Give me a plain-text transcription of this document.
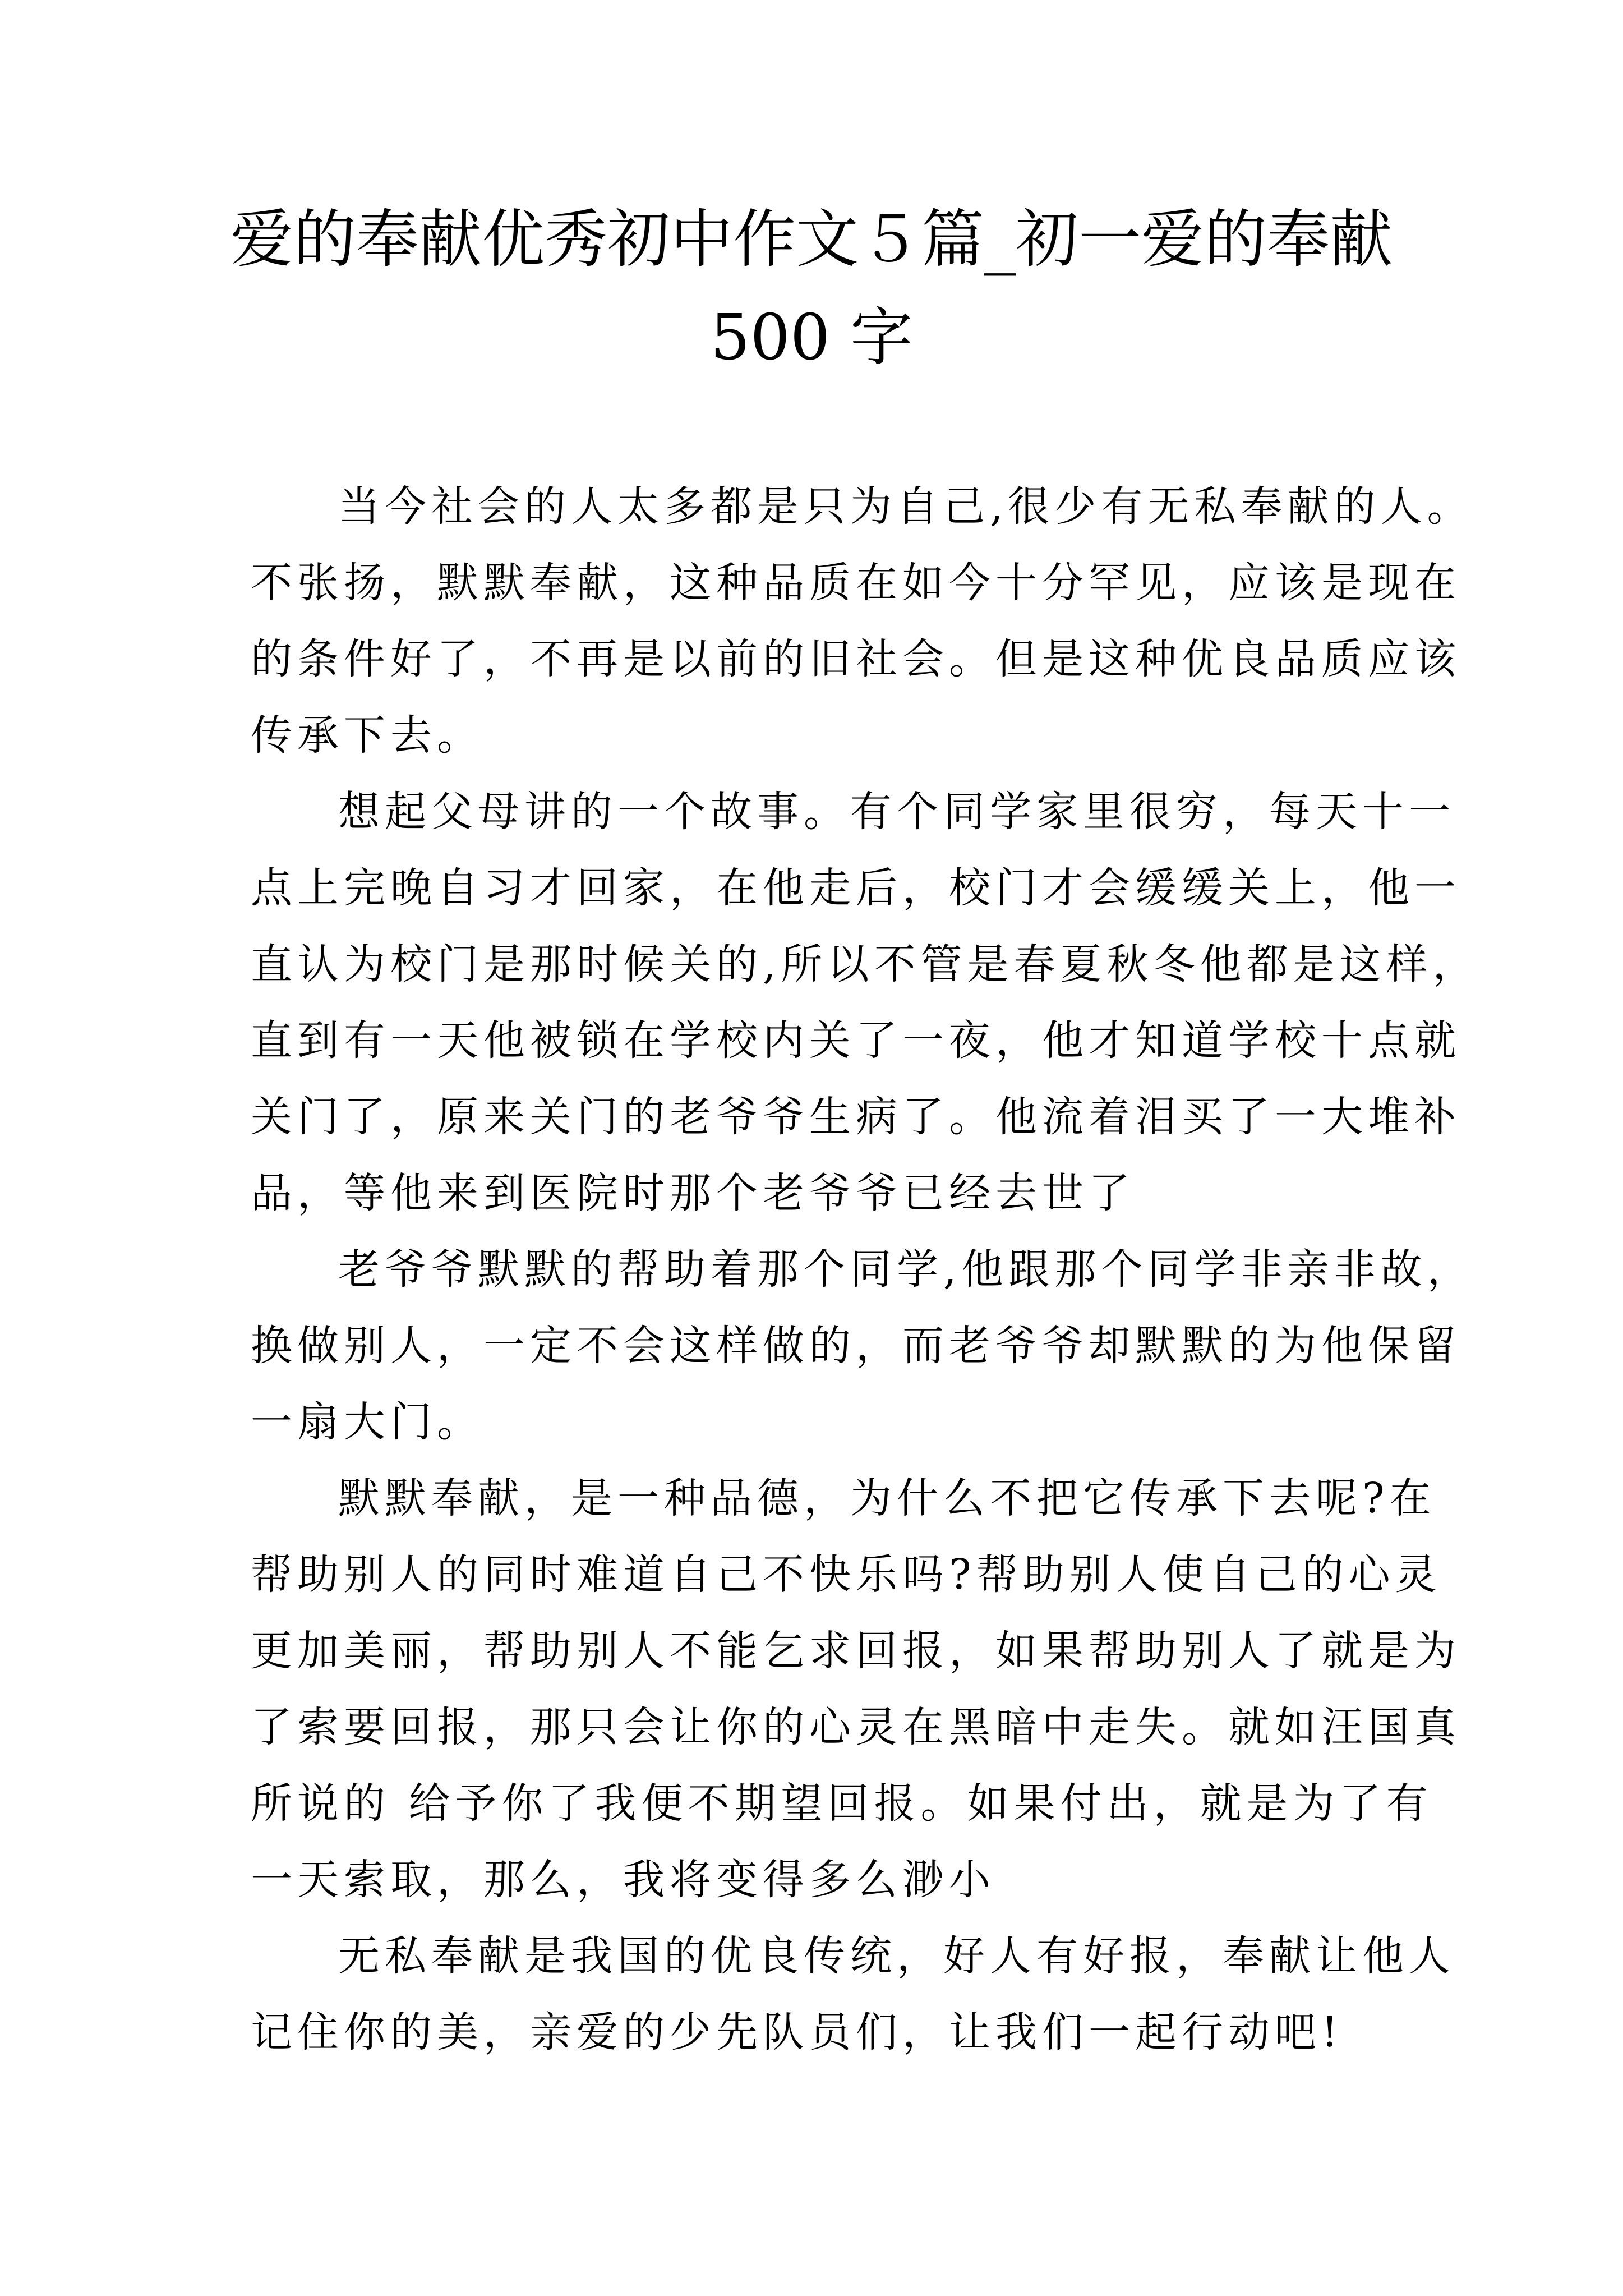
爱的奉献优秀初中作文５篇_初一爱的奉献
500 字

当今社会的人太多都是只为自己,很少有无私奉献的人。
不张扬，默默奉献，这种品质在如今十分罕见，应该是现在
的条件好了，不再是以前的旧社会。但是这种优良品质应该
传承下去。

想起父母讲的一个故事。有个同学家里很穷，每天十一
点上完晚自习才回家，在他走后，校门才会缓缓关上，他一
直认为校门是那时候关的,所以不管是春夏秋冬他都是这样，
直到有一天他被锁在学校内关了一夜，他才知道学校十点就
关门了，原来关门的老爷爷生病了。他流着泪买了一大堆补
品，等他来到医院时那个老爷爷已经去世了

老爷爷默默的帮助着那个同学,他跟那个同学非亲非故，
换做别人，一定不会这样做的，而老爷爷却默默的为他保留
一扇大门。

默默奉献，是一种品德，为什么不把它传承下去呢?在
帮助别人的同时难道自己不快乐吗?帮助别人使自己的心灵
更加美丽，帮助别人不能乞求回报，如果帮助别人了就是为
了索要回报，那只会让你的心灵在黑暗中走失。就如汪国真
所说的 给予你了我便不期望回报。如果付出，就是为了有
一天索取，那么，我将变得多么渺小

无私奉献是我国的优良传统，好人有好报，奉献让他人
记住你的美，亲爱的少先队员们，让我们一起行动吧!
